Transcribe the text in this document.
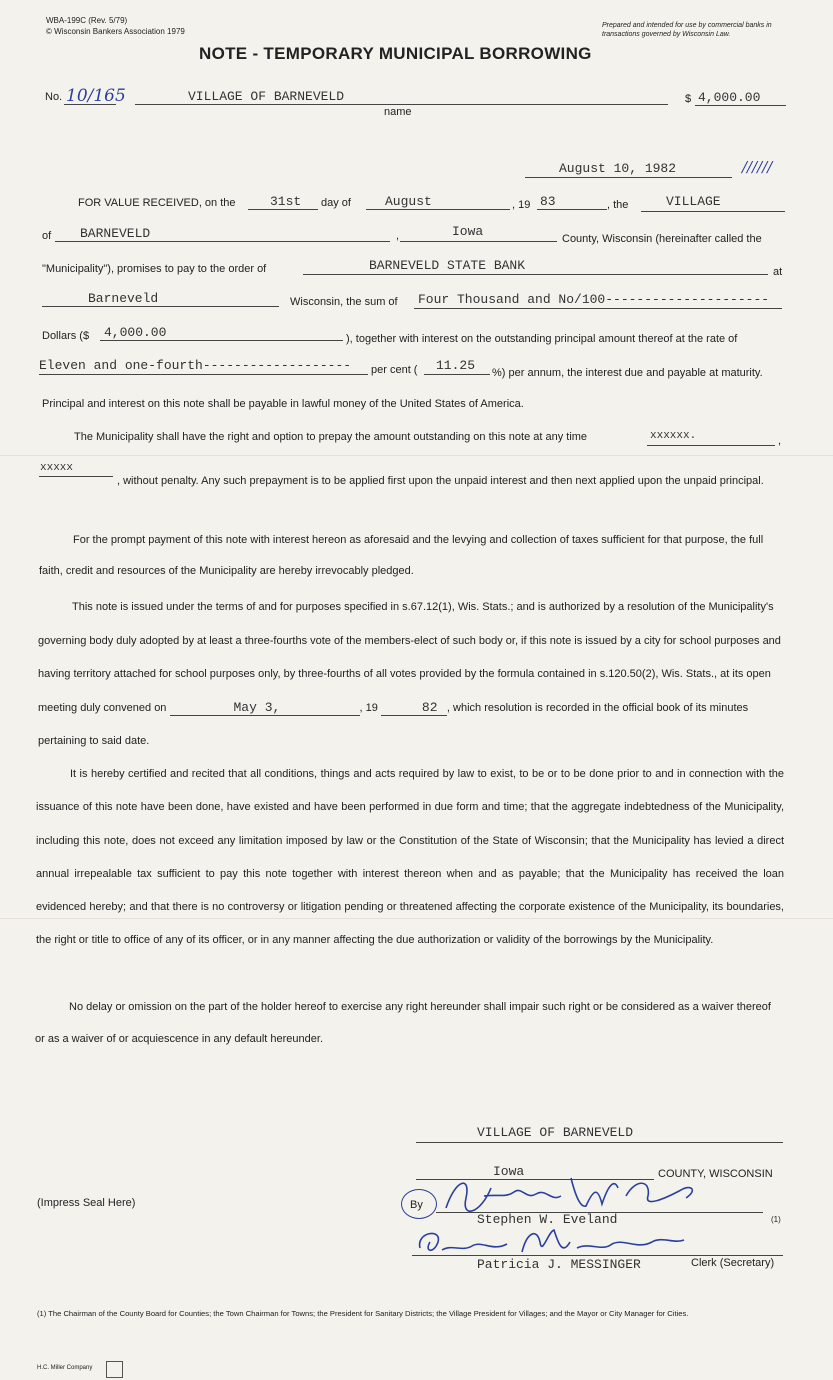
WBA-199C (Rev. 5/79)
© Wisconsin Bankers Association 1979
Prepared and intended for use by commercial banks in transactions governed by Wisconsin Law.
NOTE - TEMPORARY MUNICIPAL BORROWING
No. 10/165	VILLAGE OF BARNEVELD
name
$ 4,000.00
August 10, 1982	//////
FOR VALUE RECEIVED, on the	31st day of	August	, 19 83	, the	VILLAGE
of BARNEVELD	,	Iowa	County, Wisconsin (hereinafter called the
"Municipality"), promises to pay to the order of	BARNEVELD STATE BANK	at
Barneveld	Wisconsin, the sum of Four Thousand and No/100---------------------
Dollars ($ 4,000.00	), together with interest on the outstanding principal amount thereof at the rate of
Eleven and one-fourth------------------- per cent ( 11.25 %) per annum, the interest due and payable at maturity.
Principal and interest on this note shall be payable in lawful money of the United States of America.
The Municipality shall have the right and option to prepay the amount outstanding on this note at any time	xxxxxx.	,
xxxxx
, without penalty. Any such prepayment is to be applied first upon the unpaid interest and then next applied upon the unpaid principal.

For the prompt payment of this note with interest hereon as aforesaid and the levying and collection of taxes sufficient for that purpose, the full faith, credit and resources of the Municipality are hereby irrevocably pledged.

This note is issued under the terms of and for purposes specified in s.67.12(1), Wis. Stats.; and is authorized by a resolution of the Municipality's governing body duly adopted by at least a three-fourths vote of the members-elect of such body or, if this note is issued by a city for school purposes and having territory attached for school purposes only, by three-fourths of all votes provided by the formula contained in s.120.50(2), Wis. Stats., at its open meeting duly convened on	May 3,	, 19	82 , which resolution is recorded in the official book of its minutes pertaining to said date.

It is hereby certified and recited that all conditions, things and acts required by law to exist, to be or to be done prior to and in connection with the issuance of this note have been done, have existed and have been performed in due form and time; that the aggregate indebtedness of the Municipality, including this note, does not exceed any limitation imposed by law or the Constitution of the State of Wisconsin; that the Municipality has levied a direct annual irrepealable tax sufficient to pay this note together with interest thereon when and as payable; that the Municipality has received the loan evidenced hereby; and that there is no controversy or litigation pending or threatened affecting the corporate existence of the Municipality, its boundaries, the right or title to office of any of its officer, or in any manner affecting the due authorization or validity of the borrowings by the Municipality.

No delay or omission on the part of the holder hereof to exercise any right hereunder shall impair such right or be considered as a waiver thereof or as a waiver of or acquiescence in any default hereunder.

VILLAGE OF BARNEVELD
Iowa	COUNTY, WISCONSIN
(Impress Seal Here)	By
Stephen W. Eveland	(1)
Patricia J. MESSINGER	Clerk (Secretary)
(1) The Chairman of the County Board for Counties; the Town Chairman for Towns; the President for Sanitary Districts; the Village President for Villages; and the Mayor or City Manager for Cities.
H.C. Miller Company
